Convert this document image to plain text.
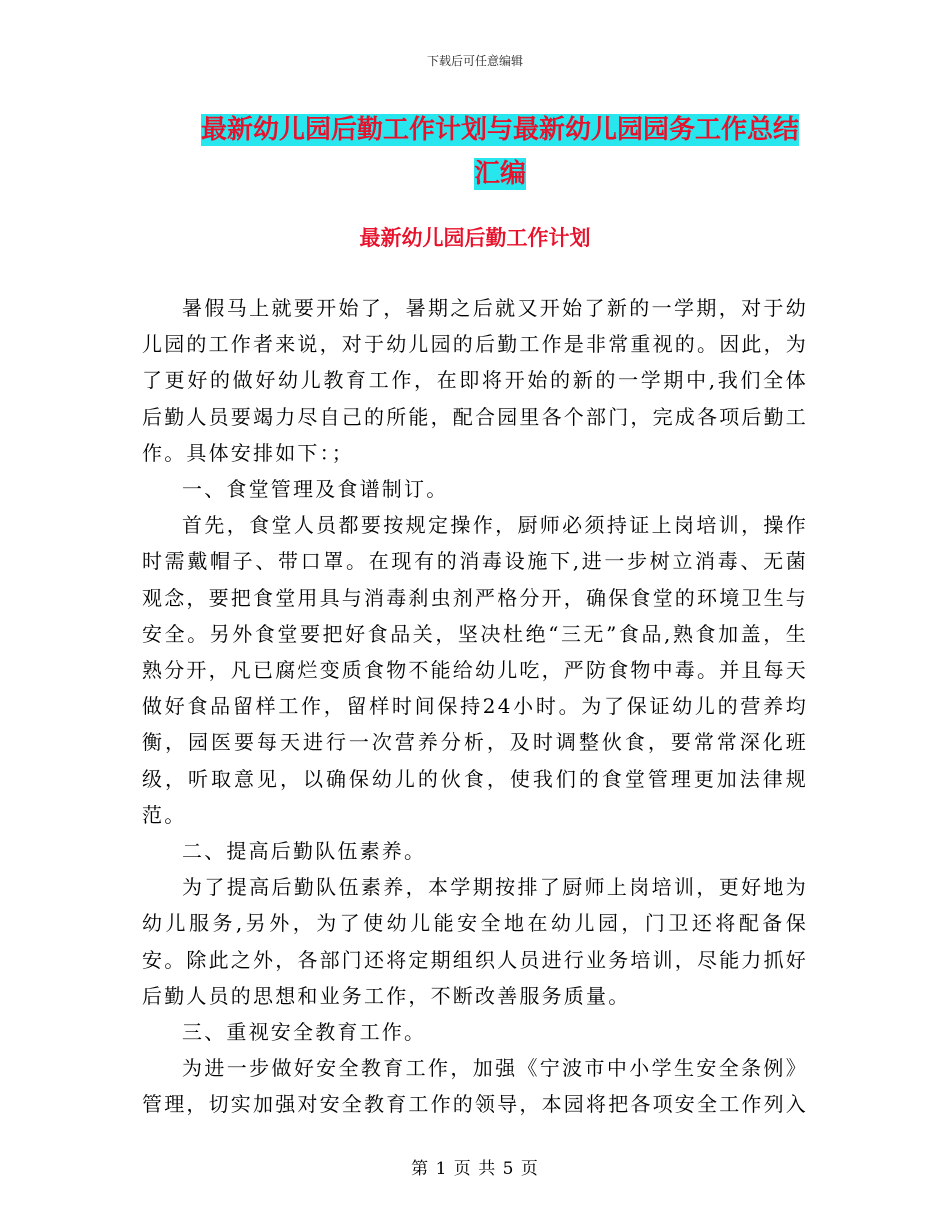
下载后可任意编辑
最新幼儿园后勤工作计划与最新幼儿园园务工作总结
汇编
最新幼儿园后勤工作计划

暑假马上就要开始了，暑期之后就又开始了新的一学期，对于幼儿园的工作者来说，对于幼儿园的后勤工作是非常重视的。因此，为了更好的做好幼儿教育工作，在即将开始的新的一学期中,我们全体后勤人员要竭力尽自己的所能，配合园里各个部门，完成各项后勤工作。具体安排如下：；

一、食堂管理及食谱制订。

首先，食堂人员都要按规定操作，厨师必须持证上岗培训，操作时需戴帽子、带口罩。在现有的消毒设施下,进一步树立消毒、无菌观念，要把食堂用具与消毒刹虫剂严格分开，确保食堂的环境卫生与安全。另外食堂要把好食品关，坚决杜绝“三无”食品,熟食加盖，生熟分开，凡已腐烂变质食物不能给幼儿吃，严防食物中毒。并且每天做好食品留样工作，留样时间保持24小时。为了保证幼儿的营养均衡，园医要每天进行一次营养分析，及时调整伙食，要常常深化班级，听取意见，以确保幼儿的伙食，使我们的食堂管理更加法律规范。

二、提高后勤队伍素养。

为了提高后勤队伍素养，本学期按排了厨师上岗培训，更好地为幼儿服务,另外，为了使幼儿能安全地在幼儿园，门卫还将配备保安。除此之外，各部门还将定期组织人员进行业务培训，尽能力抓好后勤人员的思想和业务工作，不断改善服务质量。

三、重视安全教育工作。

为进一步做好安全教育工作，加强《宁波市中小学生安全条例》管理，切实加强对安全教育工作的领导，本园将把各项安全工作列入

第 1 页 共 5 页
